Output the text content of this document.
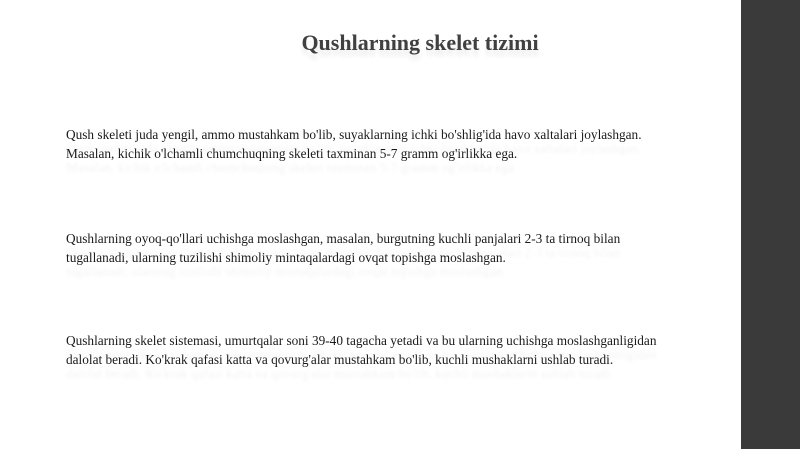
Qushlarning skelet tizimi

Qush skeleti juda yengil, ammo mustahkam bo'lib, suyaklarning ichki bo'shlig'ida havo xaltalari joylashgan.
Masalan, kichik o'lchamli chumchuqning skeleti taxminan 5-7 gramm og'irlikka ega.

Qushlarning oyoq-qo'llari uchishga moslashgan, masalan, burgutning kuchli panjalari 2-3 ta tirnoq bilan
tugallanadi, ularning tuzilishi shimoliy mintaqalardagi ovqat topishga moslashgan.

Qushlarning skelet sistemasi, umurtqalar soni 39-40 tagacha yetadi va bu ularning uchishga moslashganligidan
dalolat beradi. Ko'krak qafasi katta va qovurg'alar mustahkam bo'lib, kuchli mushaklarni ushlab turadi.
